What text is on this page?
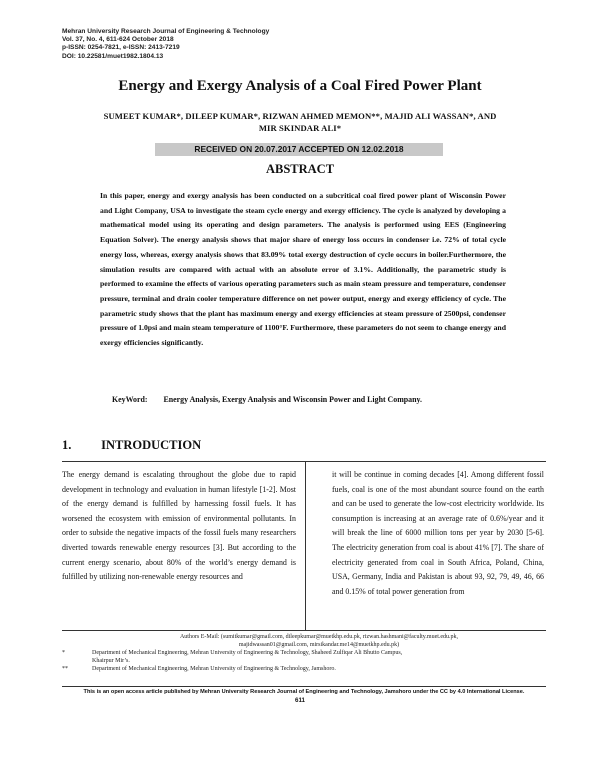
Mehran University Research Journal of Engineering & Technology
Vol. 37, No. 4, 611-624 October 2018
p-ISSN: 0254-7821, e-ISSN: 2413-7219
DOI: 10.22581/muet1982.1804.13
Energy and Exergy Analysis of a Coal Fired Power Plant
SUMEET KUMAR*, DILEEP KUMAR*, RIZWAN AHMED MEMON**, MAJID ALI WASSAN*, AND
MIR SKINDAR ALI*
RECEIVED ON 20.07.2017 ACCEPTED ON 12.02.2018
ABSTRACT
In this paper, energy and exergy analysis has been conducted on a subcritical coal fired power plant of Wisconsin Power and Light Company, USA to investigate the steam cycle energy and exergy efficiency. The cycle is analyzed by developing a mathematical model using its operating and design parameters. The analysis is performed using EES (Engineering Equation Solver). The energy analysis shows that major share of energy loss occurs in condenser i.e. 72% of total cycle energy loss, whereas, exergy analysis shows that 83.09% total exergy destruction of cycle occurs in boiler.Furthermore, the simulation results are compared with actual with an absolute error of 3.1%. Additionally, the parametric study is performed to examine the effects of various operating parameters such as main steam pressure and temperature, condenser pressure, terminal and drain cooler temperature difference on net power output, energy and exergy efficiency of cycle. The parametric study shows that the plant has maximum energy and exergy efficiencies at steam pressure of 2500psi, condenser pressure of 1.0psi and main steam temperature of 1100°F. Furthermore, these parameters do not seem to change energy and exergy efficiencies significantly.
KeyWord: Energy Analysis, Exergy Analysis and Wisconsin Power and Light Company.
1. INTRODUCTION
The energy demand is escalating throughout the globe due to rapid development in technology and evaluation in human lifestyle [1-2]. Most of the energy demand is fulfilled by harnessing fossil fuels. It has worsened the ecosystem with emission of environmental pollutants. In order to subside the negative impacts of the fossil fuels many researchers diverted towards renewable energy resources [3]. But according to the current energy scenario, about 80% of the world’s energy demand is fulfilled by utilizing non-renewable energy resources and
it will be continue in coming decades [4]. Among different fossil fuels, coal is one of the most abundant source found on the earth and can be used to generate the low-cost electricity worldwide. Its consumption is increasing at an average rate of 0.6%/year and it will break the line of 6000 million tons per year by 2030 [5-6]. The electricity generation from coal is about 41% [7]. The share of electricity generated from coal in South Africa, Poland, China, USA, Germany, India and Pakistan is about 93, 92, 79, 49, 46, 66 and 0.15% of total power generation from
Authors E-Mail: (sumitkumar@gmail.com, dileepkumar@muetkhp.edu.pk, rizwan.hashmani@faculty.muet.edu.pk,
majidwassan01@gmail.com, mirsikandar.me14@muetkhp.edu.pk)
*	Department of Mechanical Engineering, Mehran University of Engineering & Technology, Shaheed Zulfiqar Ali Bhutto Campus,
Khairpur Mir’s.
**	Department of Mechanical Engineering, Mehran University of Engineering & Technology, Jamshoro.
This is an open access article published by Mehran University Research Journal of Engineering and Technology, Jamshoro under the CC by 4.0 International License.
611
